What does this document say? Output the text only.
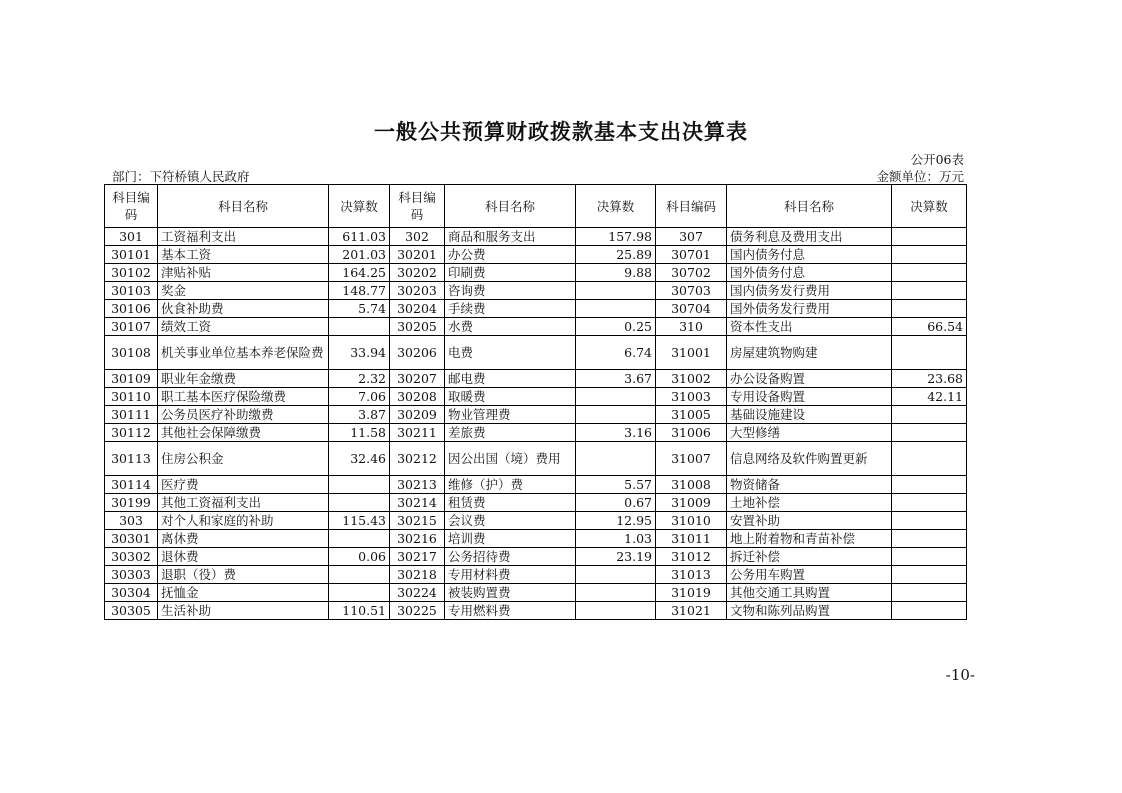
一般公共预算财政拨款基本支出决算表
公开06表
部门：下符桥镇人民政府	金额单位：万元
科目编码	科目名称	决算数	科目编码	科目名称	决算数	科目编码	科目名称	决算数
301	工资福利支出	611.03	302	商品和服务支出	157.98	307	债务利息及费用支出	
30101	基本工资	201.03	30201	办公费	25.89	30701	国内债务付息	
30102	津贴补贴	164.25	30202	印刷费	9.88	30702	国外债务付息	
30103	奖金	148.77	30203	咨询费		30703	国内债务发行费用	
30106	伙食补助费	5.74	30204	手续费		30704	国外债务发行费用	
30107	绩效工资		30205	水费	0.25	310	资本性支出	66.54
30108	机关事业单位基本养老保险费	33.94	30206	电费	6.74	31001	房屋建筑物购建	
30109	职业年金缴费	2.32	30207	邮电费	3.67	31002	办公设备购置	23.68
30110	职工基本医疗保险缴费	7.06	30208	取暖费		31003	专用设备购置	42.11
30111	公务员医疗补助缴费	3.87	30209	物业管理费		31005	基础设施建设	
30112	其他社会保障缴费	11.58	30211	差旅费	3.16	31006	大型修缮	
30113	住房公积金	32.46	30212	因公出国（境）费用		31007	信息网络及软件购置更新	
30114	医疗费		30213	维修（护）费	5.57	31008	物资储备	
30199	其他工资福利支出		30214	租赁费	0.67	31009	土地补偿	
303	对个人和家庭的补助	115.43	30215	会议费	12.95	31010	安置补助	
30301	离休费		30216	培训费	1.03	31011	地上附着物和青苗补偿	
30302	退休费	0.06	30217	公务招待费	23.19	31012	拆迁补偿	
30303	退职（役）费		30218	专用材料费		31013	公务用车购置	
30304	抚恤金		30224	被装购置费		31019	其他交通工具购置	
30305	生活补助	110.51	30225	专用燃料费		31021	文物和陈列品购置	
-10-
